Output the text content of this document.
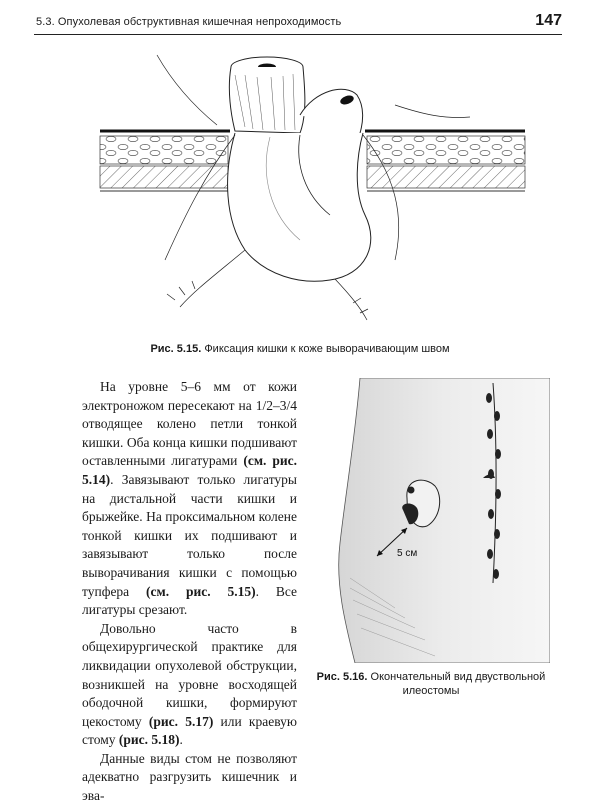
5.3. Опухолевая обструктивная кишечная непроходимость	147
Рис. 5.15. Фиксация кишки к коже выворачивающим швом

На уровне 5–6 мм от кожи электроножом пересекают на 1/2–3/4 отводящее колено петли тонкой кишки. Оба конца кишки подшивают оставленными лигатурами (см. рис. 5.14). Завязывают только лигатуры на дистальной части кишки и брыжейке. На проксимальном колене тонкой кишки их подшивают и завязывают только после выворачивания кишки с помощью тупфера (см. рис. 5.15). Все лигатуры срезают.

Довольно часто в общехирургической практике для ликвидации опухолевой обструкции, возникшей на уровне восходящей ободочной кишки, формируют цекостому (рис. 5.17) или краевую стому (рис. 5.18).

Данные виды стом не позволяют адекватно разгрузить кишечник и эва-

5 см
Рис. 5.16. Окончательный вид двуствольной илеостомы
